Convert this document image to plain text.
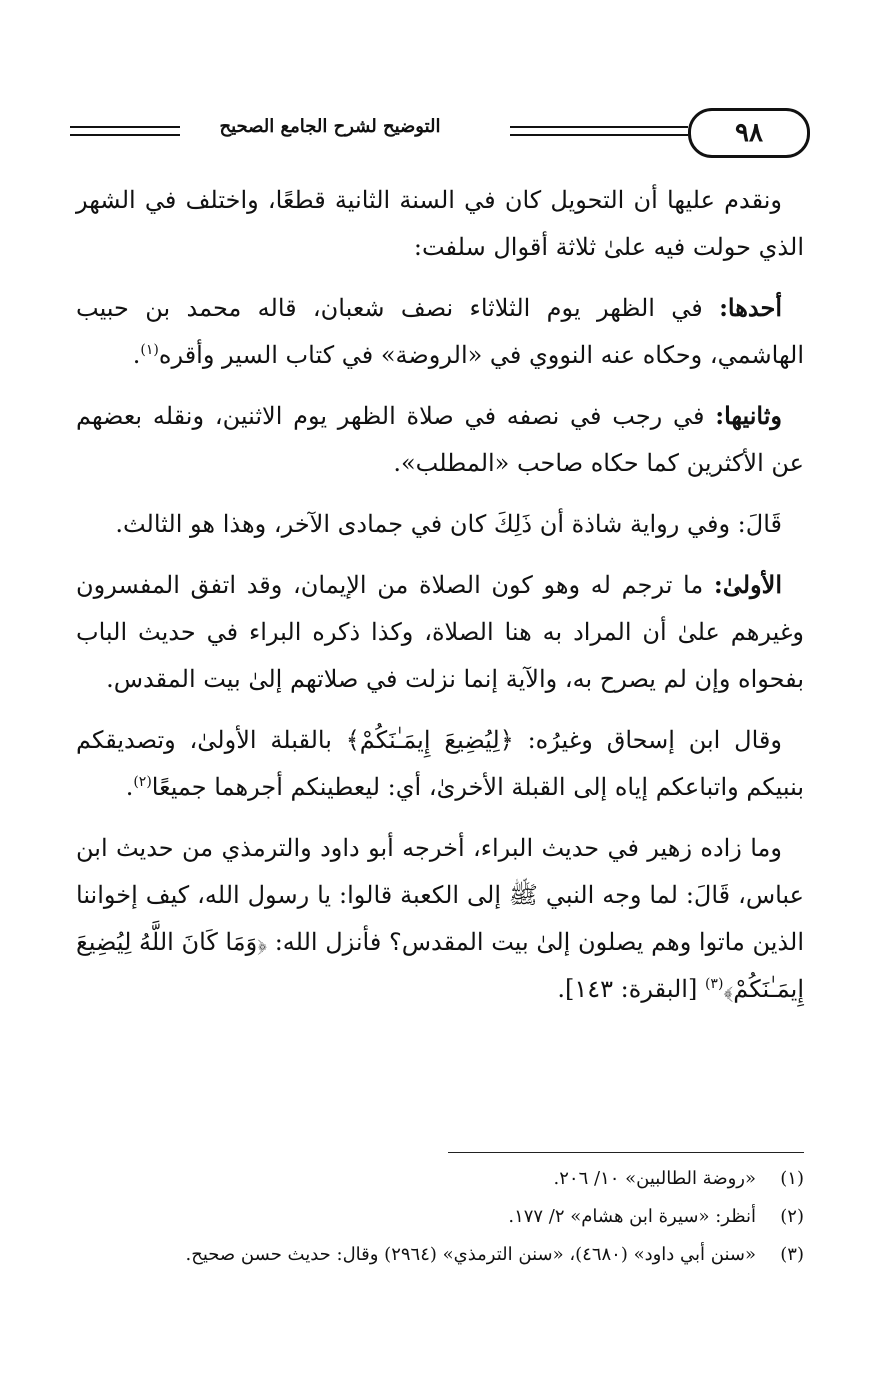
التوضيح لشرح الجامع الصحيح	٩٨

ونقدم عليها أن التحويل كان في السنة الثانية قطعًا، واختلف في الشهر الذي حولت فيه علىٰ ثلاثة أقوال سلفت:

أحدها: في الظهر يوم الثلاثاء نصف شعبان، قاله محمد بن حبيب الهاشمي، وحكاه عنه النووي في «الروضة» في كتاب السير وأقره$^{(١)}$.

وثانيها: في رجب في نصفه في صلاة الظهر يوم الاثنين، ونقله بعضهم عن الأكثرين كما حكاه صاحب «المطلب».

قَالَ: وفي رواية شاذة أن ذَلِكَ كان في جمادى الآخر، وهذا هو الثالث.

الأولىٰ: ما ترجم له وهو كون الصلاة من الإيمان، وقد اتفق المفسرون وغيرهم علىٰ أن المراد به هنا الصلاة، وكذا ذكره البراء في حديث الباب بفحواه وإن لم يصرح به، والآية إنما نزلت في صلاتهم إلىٰ بيت المقدس.

وقال ابن إسحاق وغيرُه: ﴿لِيُضِيعَ إِيمَـٰنَكُمْ﴾ بالقبلة الأولىٰ، وتصديقكم بنبيكم واتباعكم إياه إلى القبلة الأخرىٰ، أي: ليعطينكم أجرهما جميعًا$^{(٢)}$.

وما زاده زهير في حديث البراء، أخرجه أبو داود والترمذي من حديث ابن عباس، قَالَ: لما وجه النبي ﷺ إلى الكعبة قالوا: يا رسول الله، كيف إخواننا الذين ماتوا وهم يصلون إلىٰ بيت المقدس؟ فأنزل الله: ﴿وَمَا كَانَ اللَّهُ لِيُضِيعَ إِيمَـٰنَكُمْ﴾$^{(٣)}$ [البقرة: ١٤٣].

(١)
«روضة الطالبين» ١٠/ ٢٠٦.
(٢)
أنظر: «سيرة ابن هشام» ٢/ ١٧٧.
(٣)
«سنن أبي داود» (٤٦٨٠)، «سنن الترمذي» (٢٩٦٤) وقال: حديث حسن صحيح.
